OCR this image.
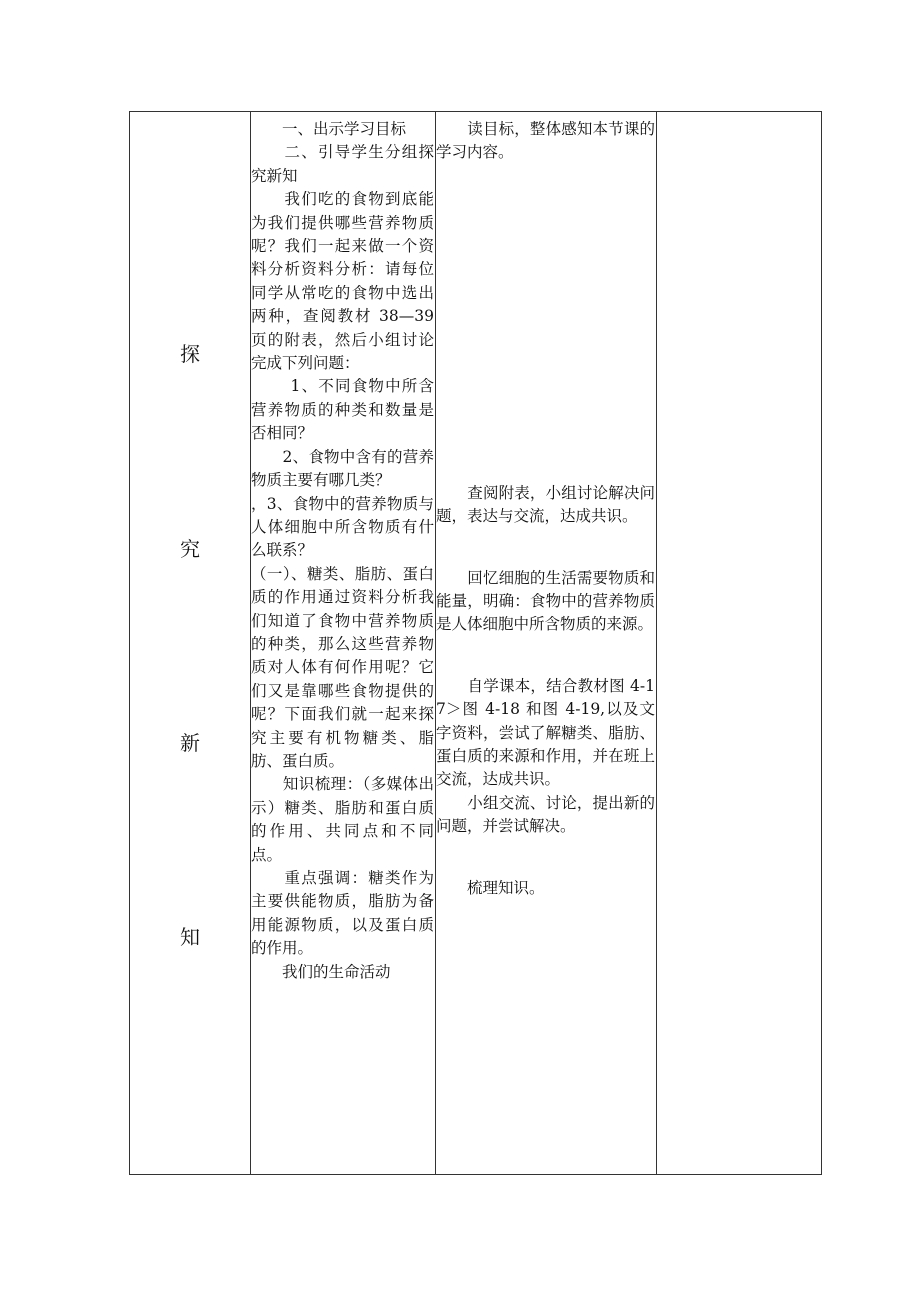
探
究
新
知

　　一、出示学习目标

　　二、引导学生分组探究新知

　　我们吃的食物到底能为我们提供哪些营养物质呢？我们一起来做一个资料分析资料分析：请每位同学从常吃的食物中选出两种，查阅教材 38—39 页的附表，然后小组讨论完成下列问题：

　　 1、不同食物中所含营养物质的种类和数量是否相同？

　　2、食物中含有的营养物质主要有哪几类？

，3、食物中的营养物质与人体细胞中所含物质有什么联系？

（一）、糖类、脂肪、蛋白质的作用通过资料分析我们知道了食物中营养物质的种类，那么这些营养物质对人体有何作用呢？它们又是靠哪些食物提供的呢？下面我们就一起来探究主要有机物糖类、脂肪、蛋白质。

　　知识梳理：（多媒体出示）糖类、脂肪和蛋白质的作用、共同点和不同点。

　　重点强调：糖类作为主要供能物质，脂肪为备用能源物质，以及蛋白质的作用。

　　我们的生命活动

　　读目标，整体感知本节课的学习内容。

　　查阅附表，小组讨论解决问题，表达与交流，达成共识。

　　回忆细胞的生活需要物质和能量，明确：食物中的营养物质是人体细胞中所含物质的来源。

　　自学课本，结合教材图 4-17＞图 4-18 和图 4-19,以及文字资料，尝试了解糖类、脂肪、蛋白质的来源和作用，并在班上交流，达成共识。

　　小组交流、讨论，提出新的问题，并尝试解决。

　　梳理知识。
